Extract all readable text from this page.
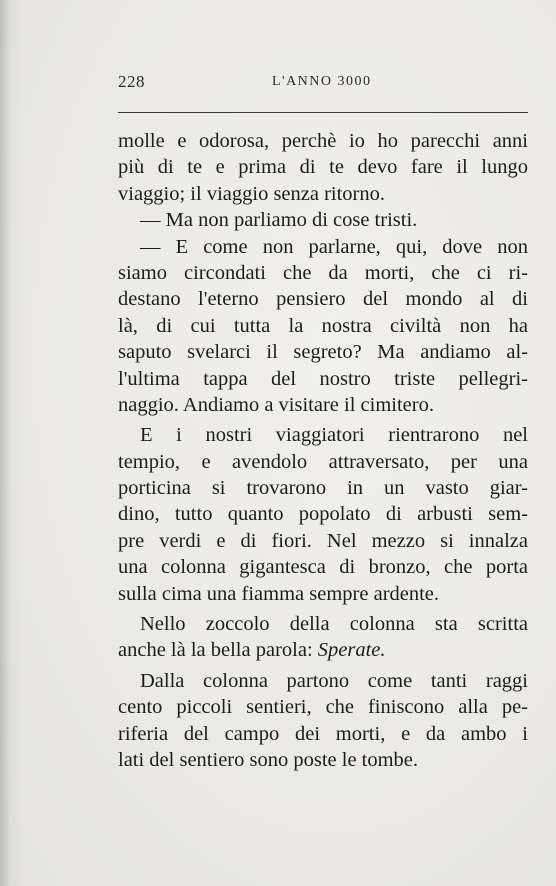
228	L'ANNO 3000
molle e odorosa, perchè io ho parecchi anni
più di te e prima di te devo fare il lungo
viaggio; il viaggio senza ritorno.
— Ma non parliamo di cose tristi.
— E come non parlarne, qui, dove non
siamo circondati che da morti, che ci ri-
destano l'eterno pensiero del mondo al di
là, di cui tutta la nostra civiltà non ha
saputo svelarci il segreto? Ma andiamo al-
l'ultima tappa del nostro triste pellegri-
naggio. Andiamo a visitare il cimitero.
E i nostri viaggiatori rientrarono nel
tempio, e avendolo attraversato, per una
porticina si trovarono in un vasto giar-
dino, tutto quanto popolato di arbusti sem-
pre verdi e di fiori. Nel mezzo si innalza
una colonna gigantesca di bronzo, che porta
sulla cima una fiamma sempre ardente.
Nello zoccolo della colonna sta scritta
anche là la bella parola: Sperate.
Dalla colonna partono come tanti raggi
cento piccoli sentieri, che finiscono alla pe-
riferia del campo dei morti, e da ambo i
lati del sentiero sono poste le tombe.
